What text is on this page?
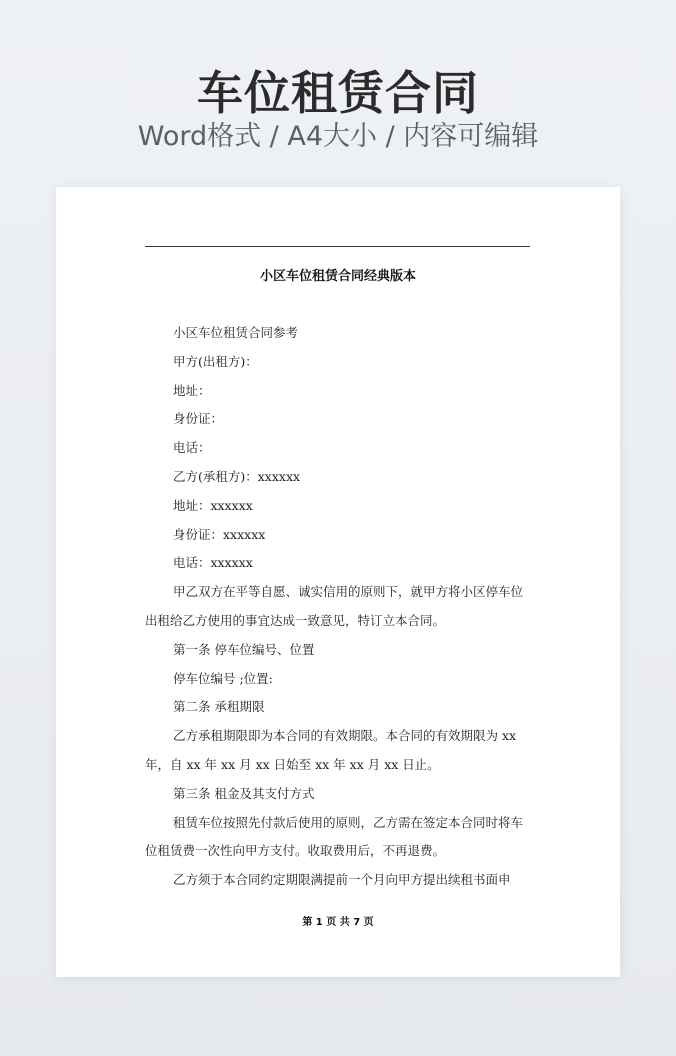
车位租赁合同
Word格式 / A4大小 / 内容可编辑
小区车位租赁合同经典版本

小区车位租赁合同参考

甲方(出租方)：

地址：

身份证：

电话：

乙方(承租方)：xxxxxx

地址：xxxxxx

身份证：xxxxxx

电话：xxxxxx

甲乙双方在平等自愿、诚实信用的原则下，就甲方将小区停车位出租给乙方使用的事宜达成一致意见，特订立本合同。

第一条 停车位编号、位置

停车位编号 ;位置:

第二条 承租期限

乙方承租期限即为本合同的有效期限。本合同的有效期限为 xx 年，自 xx 年 xx 月 xx 日始至 xx 年 xx 月 xx 日止。

第三条 租金及其支付方式

租赁车位按照先付款后使用的原则，乙方需在签定本合同时将车位租赁费一次性向甲方支付。收取费用后，不再退费。

乙方须于本合同约定期限满提前一个月向甲方提出续租书面申

第 1 页 共 7 页
